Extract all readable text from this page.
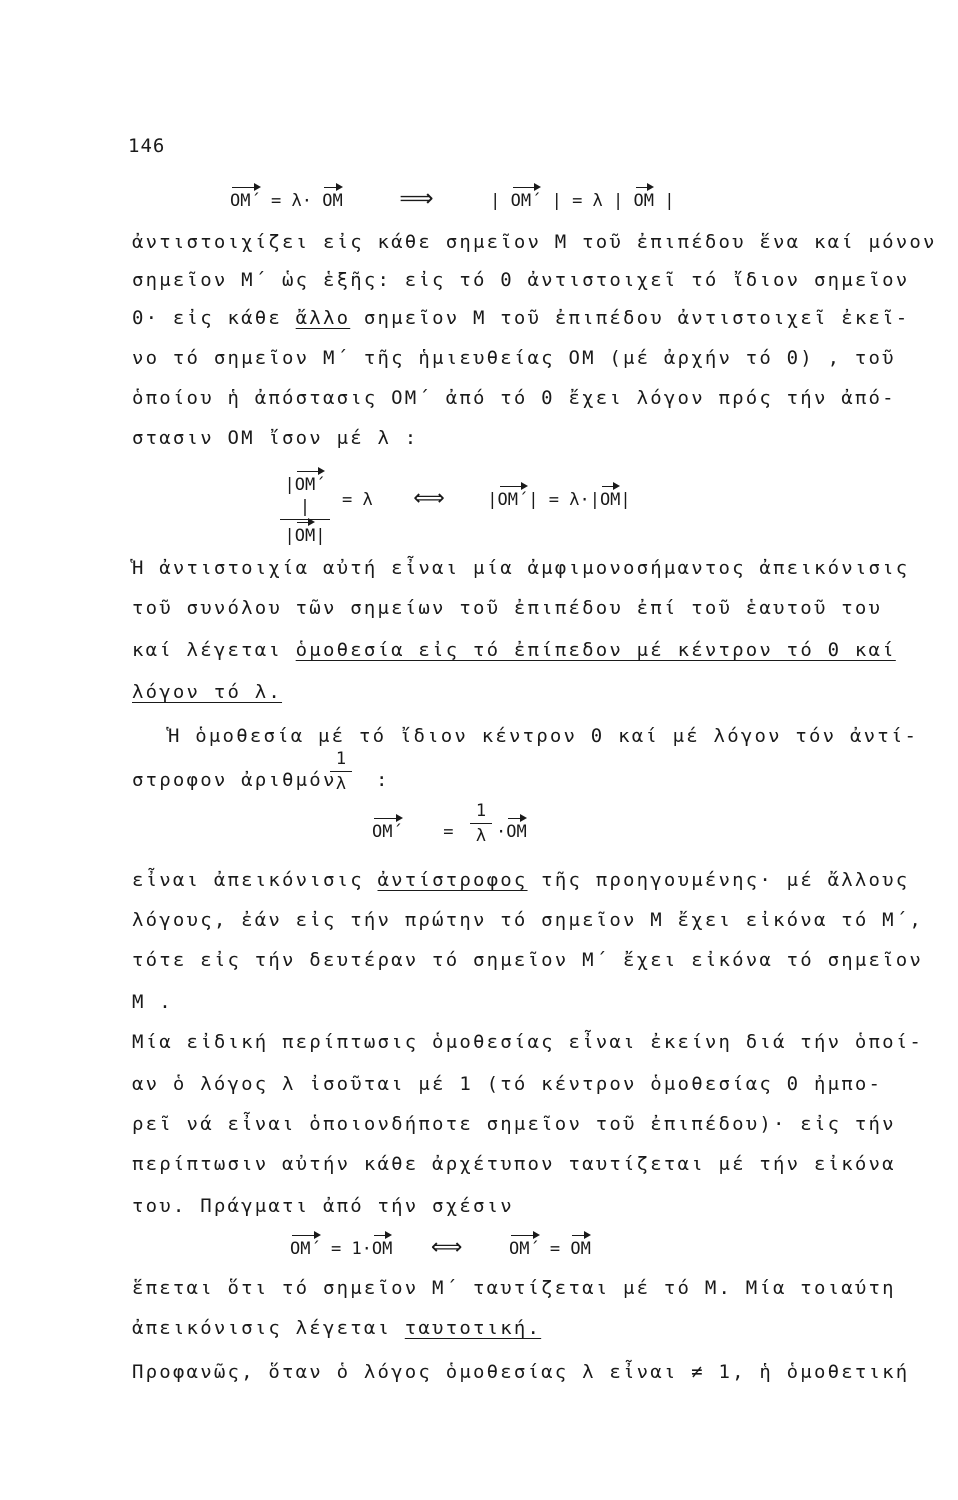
146
OM´ = λ· OM ⟹	| OM´ | = λ | OM |
ἀντιστοιχίζει εἰς κάθε σημεῖον Μ τοῦ ἐπιπέδου ἕνα καί μόνον
σημεῖον Μ´ ὡς ἑξῆς: εἰς τό 0 ἀντιστοιχεῖ τό ἴδιον σημεῖον
0· εἰς κάθε ἄλλο σημεῖον Μ τοῦ ἐπιπέδου ἀντιστοιχεῖ ἐκεῖ-
νο τό σημεῖον Μ´ τῆς ἡμιευθείας ΟΜ (μέ ἀρχήν τό 0) , τοῦ
ὁποίου ἡ ἀπόστασις ΟΜ´ ἀπό τό 0 ἔχει λόγον πρός τήν ἀπό-
στασιν ΟΜ ἴσον μέ λ :
|OM´|
|OM|
= λ ⟺	|OM´| = λ·|OM|
Ἡ ἀντιστοιχία αὐτή εἶναι μία ἀμφιμονοσήμαντος ἀπεικόνισις
τοῦ συνόλου τῶν σημείων τοῦ ἐπιπέδου ἐπί τοῦ ἑαυτοῦ του
καί λέγεται ὁμοθεσία εἰς τό ἐπίπεδον μέ κέντρον τό 0 καί
λόγον τό λ.
Ἡ ὁμοθεσία μέ τό ἴδιον κέντρον 0 καί μέ λόγον τόν ἀντί-
στροφον ἀριθμόν
1
λ	:
OM´ =
1
λ ·OM
εἶναι ἀπεικόνισις ἀντίστροφος τῆς προηγουμένης· μέ ἄλλους
λόγους, ἐάν εἰς τήν πρώτην τό σημεῖον Μ ἔχει εἰκόνα τό Μ´,
τότε εἰς τήν δευτέραν τό σημεῖον Μ´ ἔχει εἰκόνα τό σημεῖον
Μ .
Μία εἰδική περίπτωσις ὁμοθεσίας εἶναι ἐκείνη διά τήν ὁποί-
αν ὁ λόγος λ ἰσοῦται μέ 1 (τό κέντρον ὁμοθεσίας 0 ἠμπο-
ρεῖ νά εἶναι ὁποιονδήποτε σημεῖον τοῦ ἐπιπέδου)· εἰς τήν
περίπτωσιν αὐτήν κάθε ἀρχέτυπον ταυτίζεται μέ τήν εἰκόνα
του. Πράγματι ἀπό τήν σχέσιν
OM´ = 1·OM ⟺	OM´ = OM
ἕπεται ὅτι τό σημεῖον Μ´ ταυτίζεται μέ τό Μ. Μία τοιαύτη
ἀπεικόνισις λέγεται ταυτοτική.
Προφανῶς, ὅταν ὁ λόγος ὁμοθεσίας λ εἶναι ≠ 1, ἡ ὁμοθετική
